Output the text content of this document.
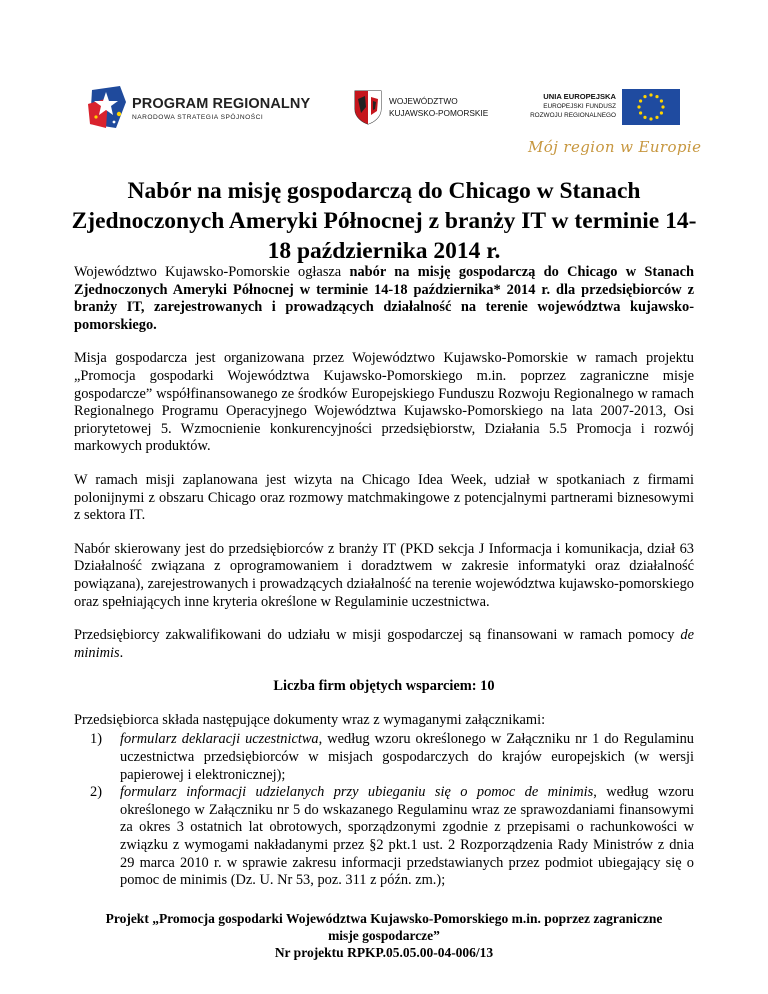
PROGRAM REGIONALNY
NARODOWA STRATEGIA SPÓJNOŚCI
WOJEWÓDZTWO
KUJAWSKO-POMORSKIE
UNIA EUROPEJSKA
EUROPEJSKI FUNDUSZ
ROZWOJU REGIONALNEGO
Mój region w Europie
Nabór na misję gospodarczą do Chicago w Stanach Zjednoczonych Ameryki Północnej z branży IT w terminie 14-18 października 2014 r.

Województwo Kujawsko-Pomorskie ogłasza nabór na misję gospodarczą do Chicago w Stanach Zjednoczonych Ameryki Północnej w terminie 14-18 października* 2014 r. dla przedsiębiorców z branży IT, zarejestrowanych i prowadzących działalność na terenie województwa kujawsko-pomorskiego.

Misja gospodarcza jest organizowana przez Województwo Kujawsko-Pomorskie w ramach projektu „Promocja gospodarki Województwa Kujawsko-Pomorskiego m.in. poprzez zagraniczne misje gospodarcze” współfinansowanego ze środków Europejskiego Funduszu Rozwoju Regionalnego w ramach Regionalnego Programu Operacyjnego Województwa Kujawsko-Pomorskiego na lata 2007-2013, Osi priorytetowej 5. Wzmocnienie konkurencyjności przedsiębiorstw, Działania 5.5 Promocja i rozwój markowych produktów.

W ramach misji zaplanowana jest wizyta na Chicago Idea Week, udział w spotkaniach z firmami polonijnymi z obszaru Chicago oraz rozmowy matchmakingowe z potencjalnymi partnerami biznesowymi z sektora IT.

Nabór skierowany jest do przedsiębiorców z branży IT (PKD sekcja J Informacja i komunikacja, dział 63 Działalność związana z oprogramowaniem i doradztwem w zakresie informatyki oraz działalność powiązana), zarejestrowanych i prowadzących działalność na terenie województwa kujawsko-pomorskiego oraz spełniających inne kryteria określone w Regulaminie uczestnictwa.

Przedsiębiorcy zakwalifikowani do udziału w misji gospodarczej są finansowani w ramach pomocy de minimis.

Liczba firm objętych wsparciem: 10
Przedsiębiorca składa następujące dokumenty wraz z wymaganymi załącznikami:
1) formularz deklaracji uczestnictwa, według wzoru określonego w Załączniku nr 1 do Regulaminu uczestnictwa przedsiębiorców w misjach gospodarczych do krajów europejskich (w wersji papierowej i elektronicznej);
2) formularz informacji udzielanych przy ubieganiu się o pomoc de minimis, według wzoru określonego w Załączniku nr 5 do wskazanego Regulaminu wraz ze sprawozdaniami finansowymi za okres 3 ostatnich lat obrotowych, sporządzonymi zgodnie z przepisami o rachunkowości w związku z wymogami nakładanymi przez §2 pkt.1 ust. 2 Rozporządzenia Rady Ministrów z dnia 29 marca 2010 r. w sprawie zakresu informacji przedstawianych przez podmiot ubiegający się o pomoc de minimis (Dz. U. Nr 53, poz. 311 z późn. zm.);
Projekt „Promocja gospodarki Województwa Kujawsko-Pomorskiego m.in. poprzez zagraniczne
misje gospodarcze”
Nr projektu RPKP.05.05.00-04-006/13
